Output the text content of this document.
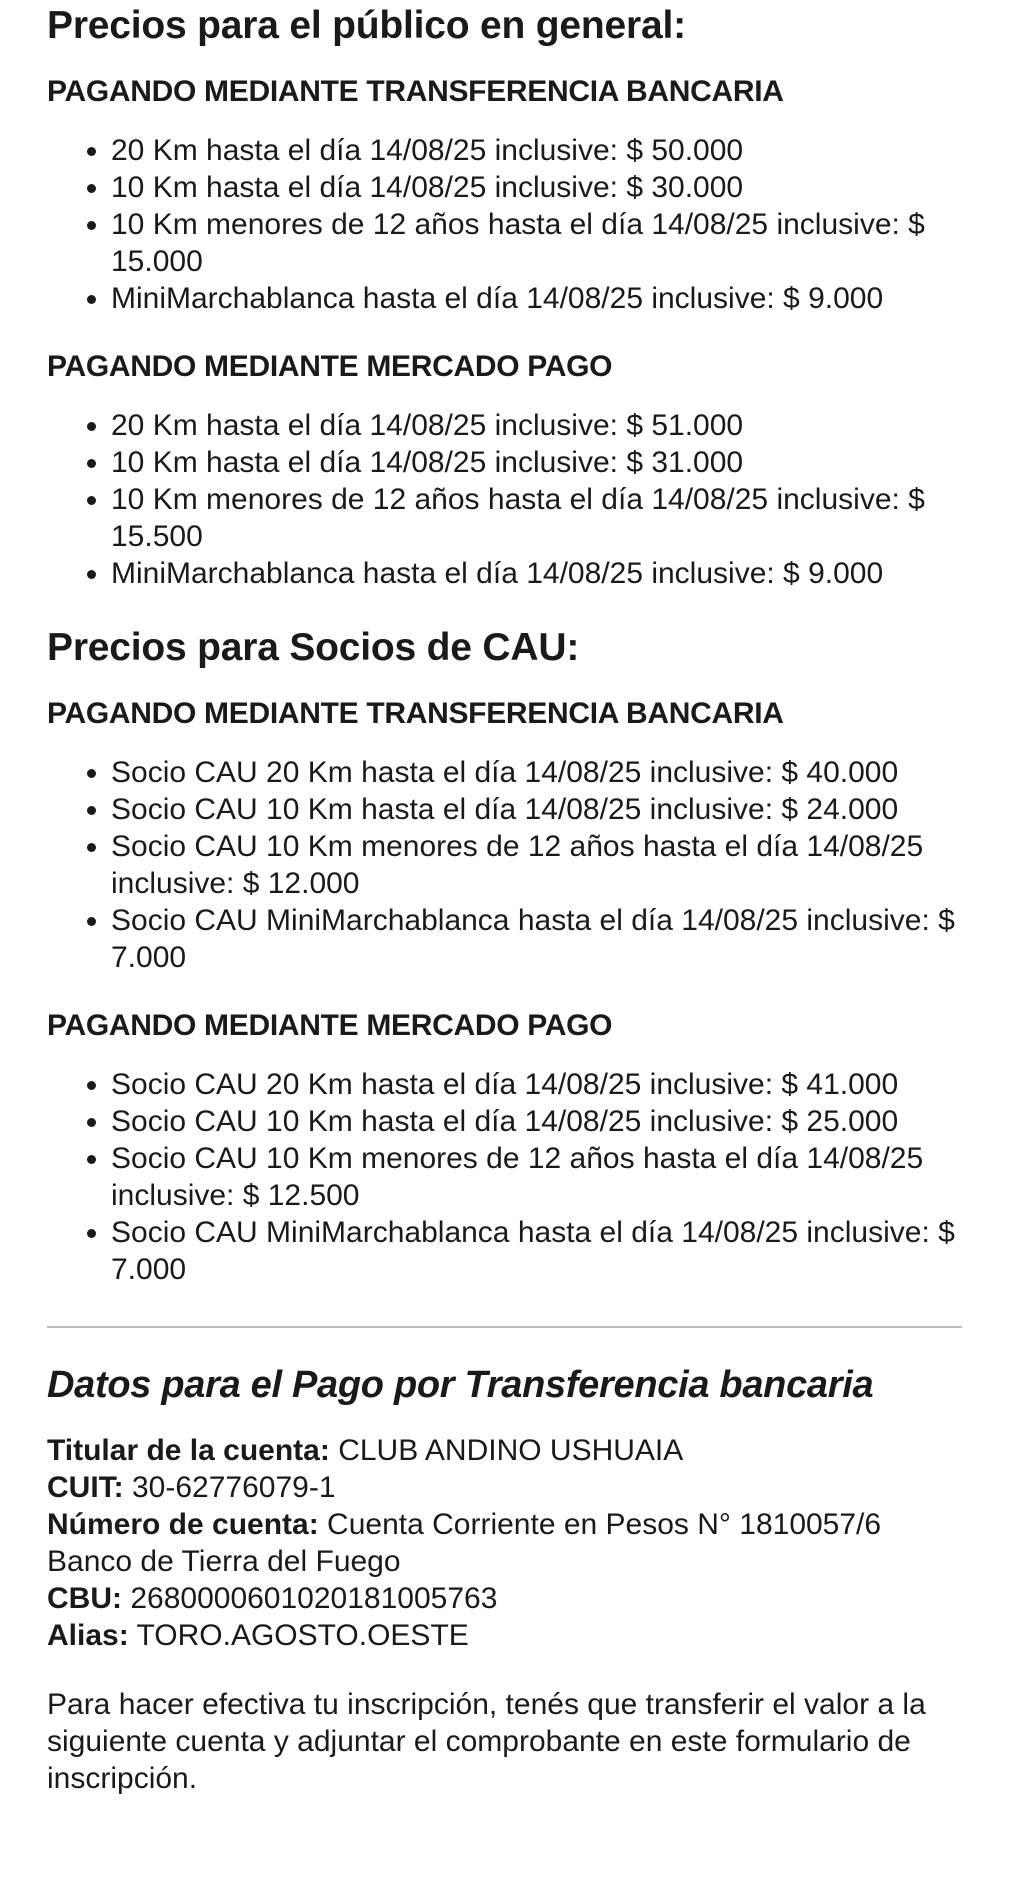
Precios para el público en general:
PAGANDO MEDIANTE TRANSFERENCIA BANCARIA
• 20 Km hasta el día 14/08/25 inclusive: $ 50.000
• 10 Km hasta el día 14/08/25 inclusive: $ 30.000
• 10 Km menores de 12 años hasta el día 14/08/25 inclusive: $ 15.000
• MiniMarchablanca hasta el día 14/08/25 inclusive: $ 9.000
PAGANDO MEDIANTE MERCADO PAGO
• 20 Km hasta el día 14/08/25 inclusive: $ 51.000
• 10 Km hasta el día 14/08/25 inclusive: $ 31.000
• 10 Km menores de 12 años hasta el día 14/08/25 inclusive: $ 15.500
• MiniMarchablanca hasta el día 14/08/25 inclusive: $ 9.000
Precios para Socios de CAU:
PAGANDO MEDIANTE TRANSFERENCIA BANCARIA
• Socio CAU 20 Km hasta el día 14/08/25 inclusive: $ 40.000
• Socio CAU 10 Km hasta el día 14/08/25 inclusive: $ 24.000
• Socio CAU 10 Km menores de 12 años hasta el día 14/08/25 inclusive: $ 12.000
• Socio CAU MiniMarchablanca hasta el día 14/08/25 inclusive: $ 7.000
PAGANDO MEDIANTE MERCADO PAGO
• Socio CAU 20 Km hasta el día 14/08/25 inclusive: $ 41.000
• Socio CAU 10 Km hasta el día 14/08/25 inclusive: $ 25.000
• Socio CAU 10 Km menores de 12 años hasta el día 14/08/25 inclusive: $ 12.500
• Socio CAU MiniMarchablanca hasta el día 14/08/25 inclusive: $ 7.000
Datos para el Pago por Transferencia bancaria

Titular de la cuenta: CLUB ANDINO USHUAIA

CUIT: 30-62776079-1

Número de cuenta: Cuenta Corriente en Pesos N° 1810057/6

Banco de Tierra del Fuego

CBU: 2680000601020181005763

Alias: TORO.AGOSTO.OESTE

Para hacer efectiva tu inscripción, tenés que transferir el valor a la siguiente cuenta y adjuntar el comprobante en este formulario de inscripción.
